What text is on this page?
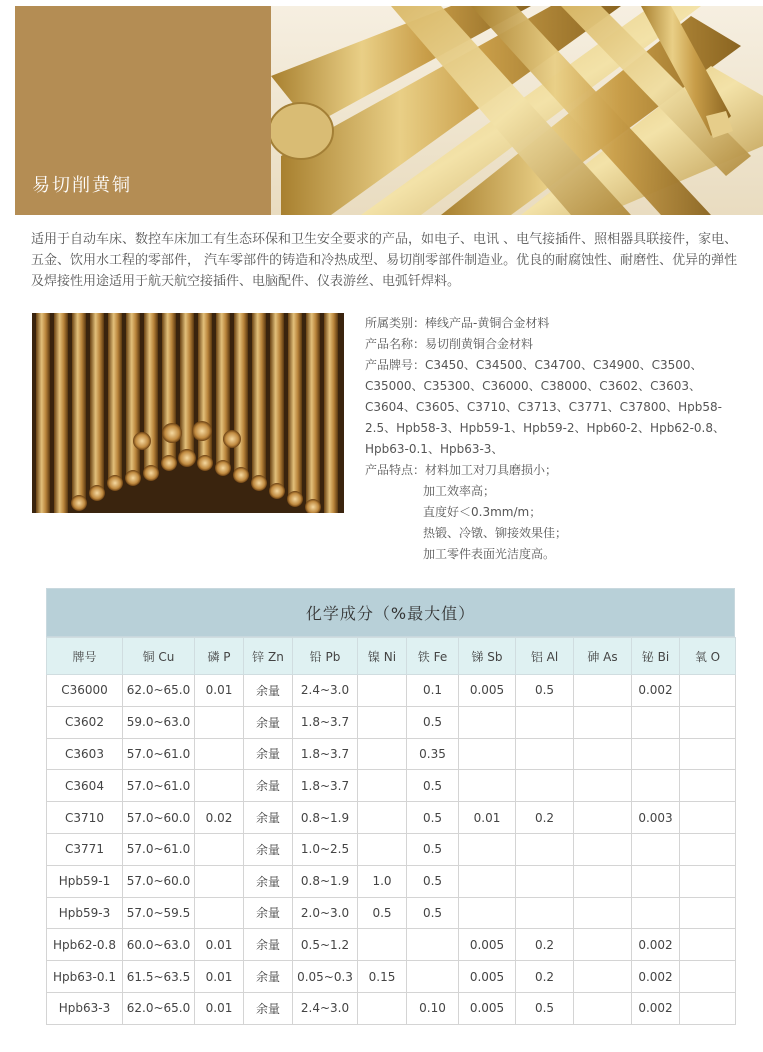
易切削黄铜

适用于自动车床、数控车床加工有生态环保和卫生安全要求的产品，如电子、电讯 、电气接插件、照相器具联接件，家电、五金、饮用水工程的零部件， 汽车零部件的铸造和冷热成型、易切削零部件制造业。优良的耐腐蚀性、耐磨性、优异的弹性及焊接性用途适用于航天航空接插件、电脑配件、仪表游丝、电弧钎焊料。

所属类别：棒线产品-黄铜合金材料
产品名称：易切削黄铜合金材料
产品牌号：C3450、C34500、C34700、C34900、C3500、C35000、C35300、C36000、C38000、C3602、C3603、C3604、C3605、C3710、C3713、C3771、C37800、Hpb58-2.5、Hpb58-3、Hpb59-1、Hpb59-2、Hpb60-2、Hpb62-0.8、Hpb63-0.1、Hpb63-3、
产品特点：材料加工对刀具磨损小；
加工效率高；
直度好＜0.3mm/m；
热锻、冷镦、铆接效果佳；
加工零件表面光洁度高。
化学成分（%最大值）
牌号	铜 Cu	磷 P	锌 Zn	铅 Pb	镍 Ni	铁 Fe	锑 Sb	铝 Al	砷 As	铋 Bi	氧 O
C36000	62.0~65.0	0.01	余量	2.4~3.0		0.1	0.005	0.5		0.002	
C3602	59.0~63.0		余量	1.8~3.7		0.5					
C3603	57.0~61.0		余量	1.8~3.7		0.35					
C3604	57.0~61.0		余量	1.8~3.7		0.5					
C3710	57.0~60.0	0.02	余量	0.8~1.9		0.5	0.01	0.2		0.003	
C3771	57.0~61.0		余量	1.0~2.5		0.5					
Hpb59-1	57.0~60.0		余量	0.8~1.9	1.0	0.5					
Hpb59-3	57.0~59.5		余量	2.0~3.0	0.5	0.5					
Hpb62-0.8	60.0~63.0	0.01	余量	0.5~1.2			0.005	0.2		0.002	
Hpb63-0.1	61.5~63.5	0.01	余量	0.05~0.3	0.15		0.005	0.2		0.002	
Hpb63-3	62.0~65.0	0.01	余量	2.4~3.0		0.10	0.005	0.5		0.002	
